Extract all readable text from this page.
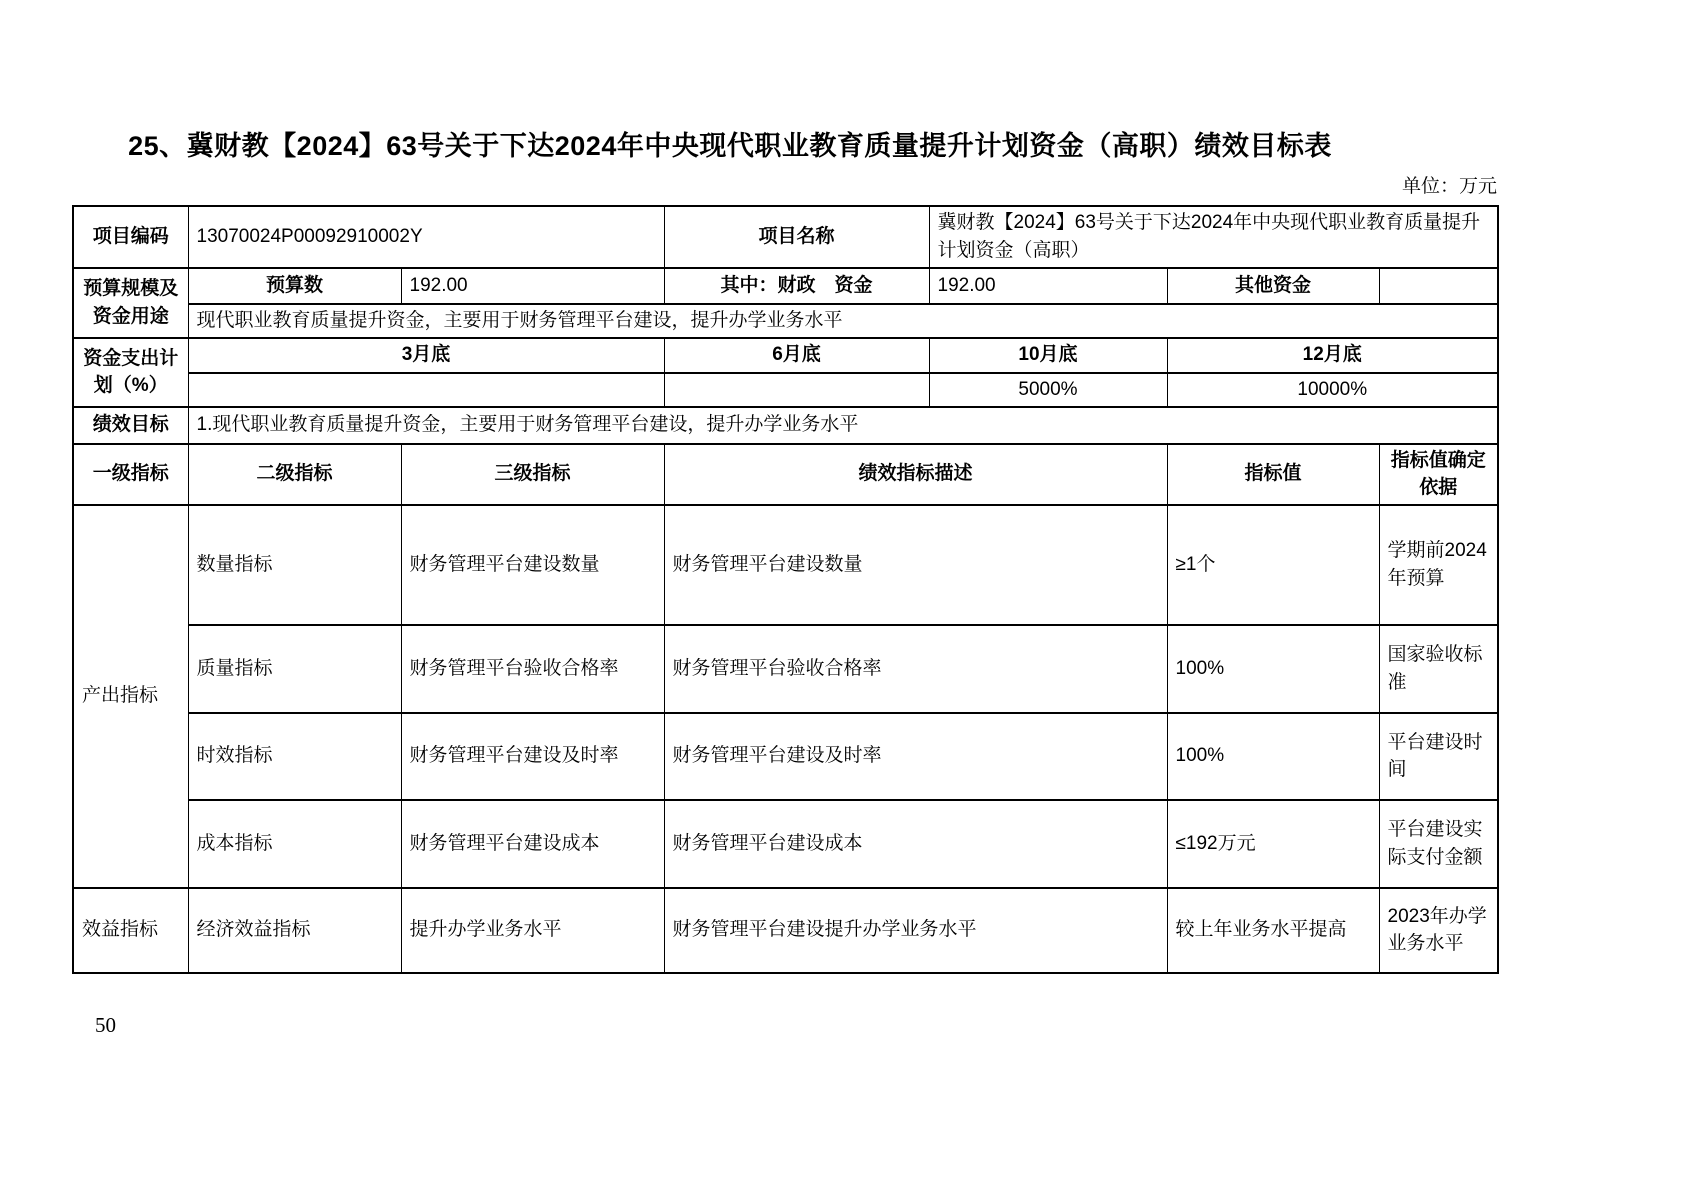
25、冀财教【2024】63号关于下达2024年中央现代职业教育质量提升计划资金（高职）绩效目标表
单位：万元
项目编码	13070024P00092910002Y		项目名称	冀财教【2024】63号关于下达2024年中央现代职业教育质量提升计划资金（高职）		
预算规模及资金用途	预算数	192.00	其中：财政　资金	192.00	其他资金	
	现代职业教育质量提升资金，主要用于财务管理平台建设，提升办学业务水平					
资金支出计划（%）	3月底		6月底	10月底	12月底	
				5000%	10000%	
绩效目标	1.现代职业教育质量提升资金，主要用于财务管理平台建设，提升办学业务水平					
一级指标	二级指标	三级指标	绩效指标描述		指标值	指标值确定依据
产出指标	数量指标	财务管理平台建设数量	财务管理平台建设数量		≥1个	学期前2024年预算
	质量指标	财务管理平台验收合格率	财务管理平台验收合格率		100%	国家验收标准
	时效指标	财务管理平台建设及时率	财务管理平台建设及时率		100%	平台建设时间
	成本指标	财务管理平台建设成本	财务管理平台建设成本		≤192万元	平台建设实际支付金额
效益指标	经济效益指标	提升办学业务水平	财务管理平台建设提升办学业务水平		较上年业务水平提高	2023年办学业务水平
50
